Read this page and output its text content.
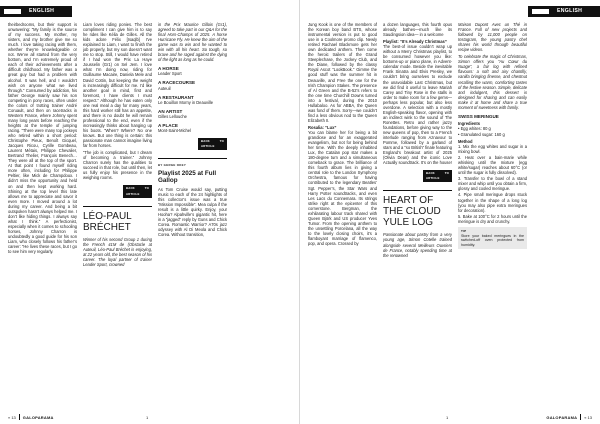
ENGLISH TEXTS

theirbedrooms, but their support is unwavering: “My family is the source of my success. My mother, my sisters, and my brother give me so much. I love taking racing with them, whether they’re knowledgeable or not. We’ve all started from the very bottom, and I’m extremely proud of each of their achievements after a difficult childhood. My father was a great guy but had a problem with alcohol. It was hell, and I wouldn’t wish on anyone what we lived through.” Consumed by addiction, his father George mainly saw his son competing in pony races, often under the colors of trotting trainer André Coruault, and then on racetracks in Western France, where Johnny spent many long years before reaching the heights at the temple of jumping racing. “There were many top jockeys who retired within a short period: Christophe Pieux, Benoît Gicquel, Jacques Ricou, Cyrille Gombeau, Laurent Métais, Philippe Chevalier, Bertrand Thelier, François Benech… They were all at the top of the sport. At that point I found myself riding more often, including for Philippe Peltier, like Mick de Champdoux. I didn’t miss the opportunity and held on and then kept working hard. Shining at the top level this late allows me to appreciate and savor it even more. I moved around a lot during my career. And being a bit outspoken hasn’t always helped me. I don’t like hiding things. I always say what I think.” A perfectionist, especially when it comes to schooling horses, Johnny Charron is undoubtedly a good guide for his son Liam, who closely follows his father’s career: “He lives these races, but I go to see him very regularly.

Liam loves riding ponies. The best compliment I can give him is to say he rides like Kélia de Gilles. All the kids adore Félix [Isaqlb] I’ve explained to Liam, I want to finish the job properly, but my son doesn’t want me to stop. Still, I would have retired if I had won the Prix La Haye Jousselin (Gr1) on Sel Jem. I love what I’m doing now, riding for Guillaume Macaire, Daniela Mele and David Cottin, but keeping the weight is increasingly difficult for me. I’d like another goal in mind, first and foremost, I have clients I must respect.” Although he has eaten only one real meal a day for many years, this hard worker still has an appetite, and there is no doubt he will remain professional to the end, even if the increasingly thinks about hanging up his boots. “When? Where? No one knows. But one thing is certain: this passionate man cannot imagine living far from horses.

“The job is complicated, but I dream of becoming a trainer.” Johnny Charron surely has the qualities to succeed in that role, but until then, let us fully enjoy his presence in the weighing rooms.

BACK TO ARTICLE
LÉO-PAUL BRÉCHET

Winner of his second Group 1 during the French 41M de (Obstacle at Auteuil, Léo-Paul Bréchet is enjoying, at 22 years old, the best season of his career. The loyal partner of trainer Leader Sport, crowned

in the Prix Maurice Gillois (Gr1), agreed to take part in our Q&A for the final Hors-Champs of 2025. A horse Hurricane Fly. He knew the aim of the game was to win and he wanted to win with all his heart. So tough, so brave and he raged against the dying of the light as long as he could.

A HORSE
Leader Sport
A RACECOURSE
Auteuil
A RESTAURANT
Le Bouillon Morny in Deauville
AN ARTIST
Gilles Lellouche
A PLACE
Mont-Saint-Michel
BACK TO ARTICLE
BY GERGE OKEY
Playlist 2025 at Full Gallop

As Tom Cruise would say, putting music to each of the 24 highlights of this collector’s issue was a true “Mission Impossible”. Mea culpa if the result is a little quirky. Enjoy, your Hooha? Alpahville’s gigantic hit, here in a “jagged” reply by Guns and Chick Corea. Romantic Warrior? A70s jazz odyssey with Al Di Meola and Chick Corea. Without transition,

« 13 GALOPARAMA	1
ENGLISH TEXTS

Jung Kook is one of the members of the Korean boy band BTS, whose instrumental version is put to good use in a Coolmore promo clip. Newly retired Rachael Blackmore gets her own dedicated anthem. Then come the heroic trailers of the Grand Steeplechase, the Jockey Club, and the Diane, followed by the classy Royal Ascot “LookBook.” Gimme the good stuff was the summer hit in Deauville, and Free the one for the Irish Champion Stakes. The presence of Al Green and the B-52’s refers to the one time Churchill Downs turned into a festival, during the 2010 Hullabaloo. As for ABBA, the Queen was fond of them. Sorry—we couldn’t find a less obvious nod to the Queen Elizabeth II.

Rosalia: “Lux”

You can blame her for being a bit grandiose and for an exaggerated evangelism, but not for being behind her time. With the deeply inhabited Lux, the Catalan pop star makes a 180-degree turn and a simultaneous comeback to grace. The brilliance of this fourth album lies in giving a central role to the London Symphony Orchestra, famous for having contributed to the legendary Beatles’ Sgt. Pepper’s, the Star Wars and Harry Potter soundtracks, and even Les Lacs du Connemara. Its strings strike right at the epicenter of this cornerstone. Bergman, the exhilarating labour track shared with Queen Björk and US producer Yves Tumor. From the opening anthem to the unsettling Porcelana, all the way to the lovely closing choirs, it’s a flamboyant marriage of flamenco, pop, and opera. Crossed by

a dozen languages, this fourth opus already bathes—much like its Saudingsion idea— in a welcome

Playlist: “It’s Already Christmas”

The best-of issue couldn’t wrap up without a Merry Christmas playlist, to be consumed however you like: bottoms-up or piano plane, in Advent-calendar mode. Beside the inevitable Frank Sinatra and Elvis Presley, we couldn’t bring ourselves to exclude the unavoidable Last Christmas, but we did find it useful to leave Mariah Carey and Tiny Rose in the stalls in order to make room for a few gems—perhaps less popular, but also less overdone. A selection with a mostly English-speaking flavor, opening with an indirect wink to the sound of The Ronettes. Retro and rather jazzy foundations, before giving way to the new queens of pop, then to a French interlude ranging from Aznavour to Pomme, followed by a garland of stars and a “so British” finale featuring England’s breakout artist of 2025 (Olivia Dean) and the iconic Love Actually soundtrack. It’s on the house!

BACK TO ARTICLE
HEART OF THE CLOUD YULE LOG

Passionate about pastry from a very young age, Simon Cotelle trained alongside several Meilleurs Ouvriers de France, notably spending time at the renowned

Maison Dupont Avec un Thé in France. Full of new projects and followed by 11,000 people on Instagram, the young pastry chef shares his world through beautiful recipe videos.

To celebrate the magic of Christmas, Simon offers you “Au Cœur du Nuage”, a fair log with refined flavours: a soft and airy chantilly, vanilla bringing finesse, and chestnut recalling the warm, comforting tastes of the festive season. Simple, delicate and indulgent, this dessert is designed for sharing and can easily make it at home and share a true moment of sweetness with family.

SWISS MERINGUE
Ingredients
• Egg whites: 80 g
• Granulated sugar: 160 g
Method
1. Mix the egg whites and sugar in a mixing bowl.
2. Heat over a bain-marie while whisking until the mixture (egg white/sugar) reaches about 60°C (or until the sugar is fully dissolved).
3. Transfer to the bowl of a stand mixer and whip until you obtain a firm, glossy and cooled meringue.
4. Pipe small meringue drops stuck together in the shape of a long log (you may also pipe extra meringues for decoration).
5. Bake at 100°C for 2 hours until the meringue is dry and crunchy.
TIP
Store your baked meringues in the switched-off oven protected from humidity.
1	GALOPARAMA « 13
